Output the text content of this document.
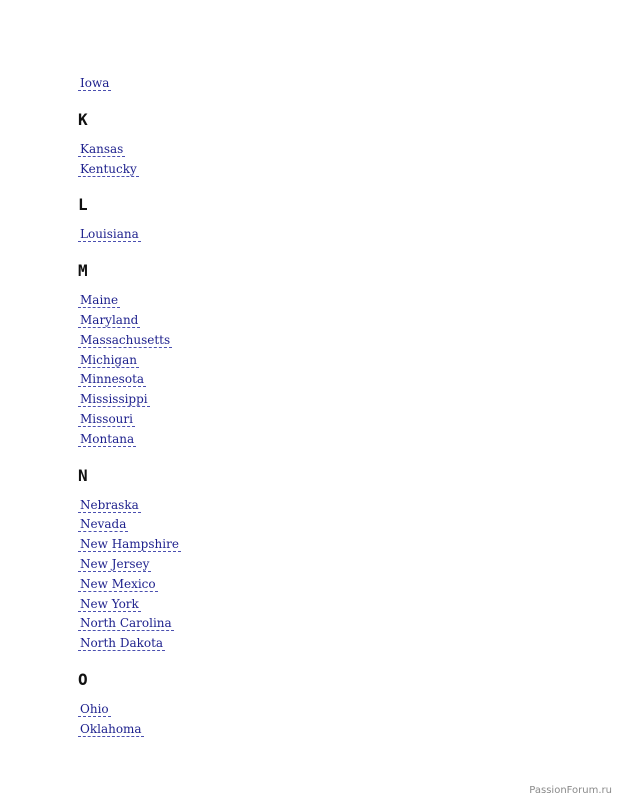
Iowa
K
Kansas
Kentucky
L
Louisiana
M
Maine
Maryland
Massachusetts
Michigan
Minnesota
Mississippi
Missouri
Montana
N
Nebraska
Nevada
New Hampshire
New Jersey
New Mexico
New York
North Carolina
North Dakota
O
Ohio
Oklahoma
PassionForum.ru
